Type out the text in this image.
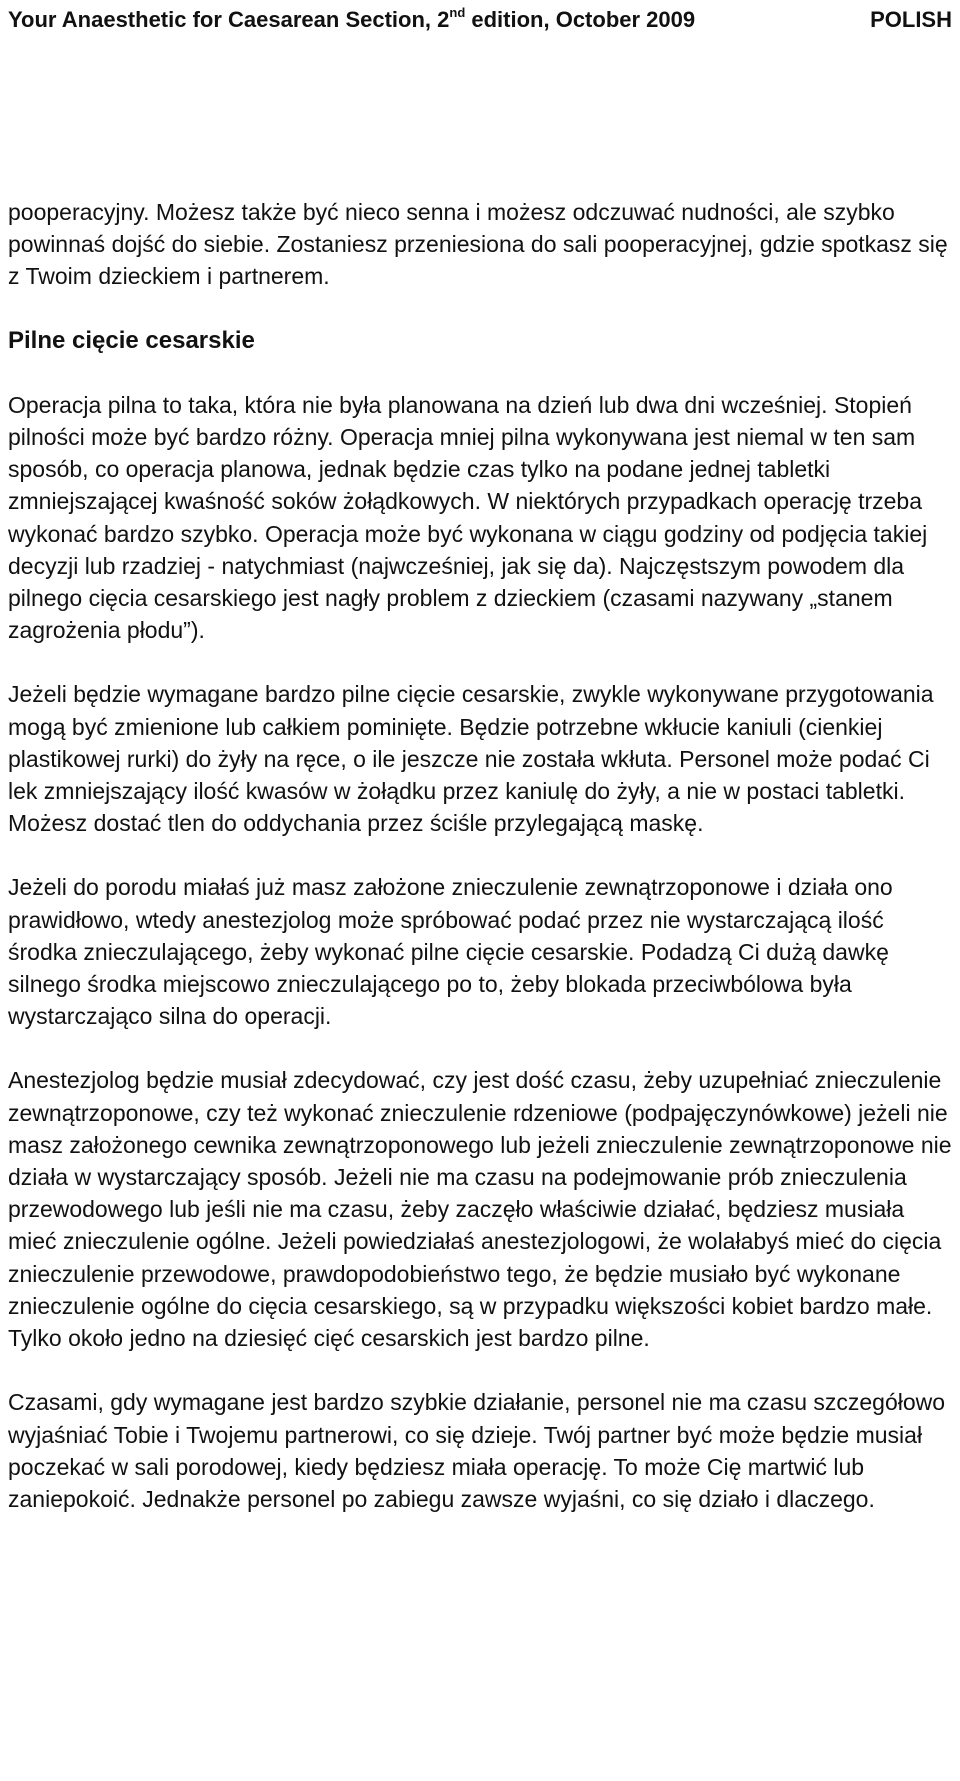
Your Anaesthetic for Caesarean Section, 2nd edition, October 2009	POLISH

pooperacyjny. Możesz także być nieco senna i możesz odczuwać nudności, ale szybko powinnaś dojść do siebie. Zostaniesz przeniesiona do sali pooperacyjnej, gdzie spotkasz się z Twoim dzieckiem i partnerem.

Pilne cięcie cesarskie

Operacja pilna to taka, która nie była planowana na dzień lub dwa dni wcześniej. Stopień pilności może być bardzo różny. Operacja mniej pilna wykonywana jest niemal w ten sam sposób, co operacja planowa, jednak będzie czas tylko na podane jednej tabletki zmniejszającej kwaśność soków żołądkowych. W niektórych przypadkach operację trzeba wykonać bardzo szybko. Operacja może być wykonana w ciągu godziny od podjęcia takiej decyzji lub rzadziej - natychmiast (najwcześniej, jak się da). Najczęstszym powodem dla pilnego cięcia cesarskiego jest nagły problem z dzieckiem (czasami nazywany „stanem zagrożenia płodu”).

Jeżeli będzie wymagane bardzo pilne cięcie cesarskie, zwykle wykonywane przygotowania mogą być zmienione lub całkiem pominięte. Będzie potrzebne wkłucie kaniuli (cienkiej plastikowej rurki) do żyły na ręce, o ile jeszcze nie została wkłuta. Personel może podać Ci lek zmniejszający ilość kwasów w żołądku przez kaniulę do żyły, a nie w postaci tabletki. Możesz dostać tlen do oddychania przez ściśle przylegającą maskę.

Jeżeli do porodu miałaś już masz założone znieczulenie zewnątrzoponowe i działa ono prawidłowo, wtedy anestezjolog może spróbować podać przez nie wystarczającą ilość środka znieczulającego, żeby wykonać pilne cięcie cesarskie. Podadzą Ci dużą dawkę silnego środka miejscowo znieczulającego po to, żeby blokada przeciwbólowa była wystarczająco silna do operacji.

Anestezjolog będzie musiał zdecydować, czy jest dość czasu, żeby uzupełniać znieczulenie zewnątrzoponowe, czy też wykonać znieczulenie rdzeniowe (podpajęczynówkowe) jeżeli nie masz założonego cewnika zewnątrzoponowego lub jeżeli znieczulenie zewnątrzoponowe nie działa w wystarczający sposób. Jeżeli nie ma czasu na podejmowanie prób znieczulenia przewodowego lub jeśli nie ma czasu, żeby zaczęło właściwie działać, będziesz musiała mieć znieczulenie ogólne. Jeżeli powiedziałaś anestezjologowi, że wolałabyś mieć do cięcia znieczulenie przewodowe, prawdopodobieństwo tego, że będzie musiało być wykonane znieczulenie ogólne do cięcia cesarskiego, są w przypadku większości kobiet bardzo małe. Tylko około jedno na dziesięć cięć cesarskich jest bardzo pilne.

Czasami, gdy wymagane jest bardzo szybkie działanie, personel nie ma czasu szczegółowo wyjaśniać Tobie i Twojemu partnerowi, co się dzieje. Twój partner być może będzie musiał poczekać w sali porodowej, kiedy będziesz miała operację. To może Cię martwić lub zaniepokoić. Jednakże personel po zabiegu zawsze wyjaśni, co się działo i dlaczego.
